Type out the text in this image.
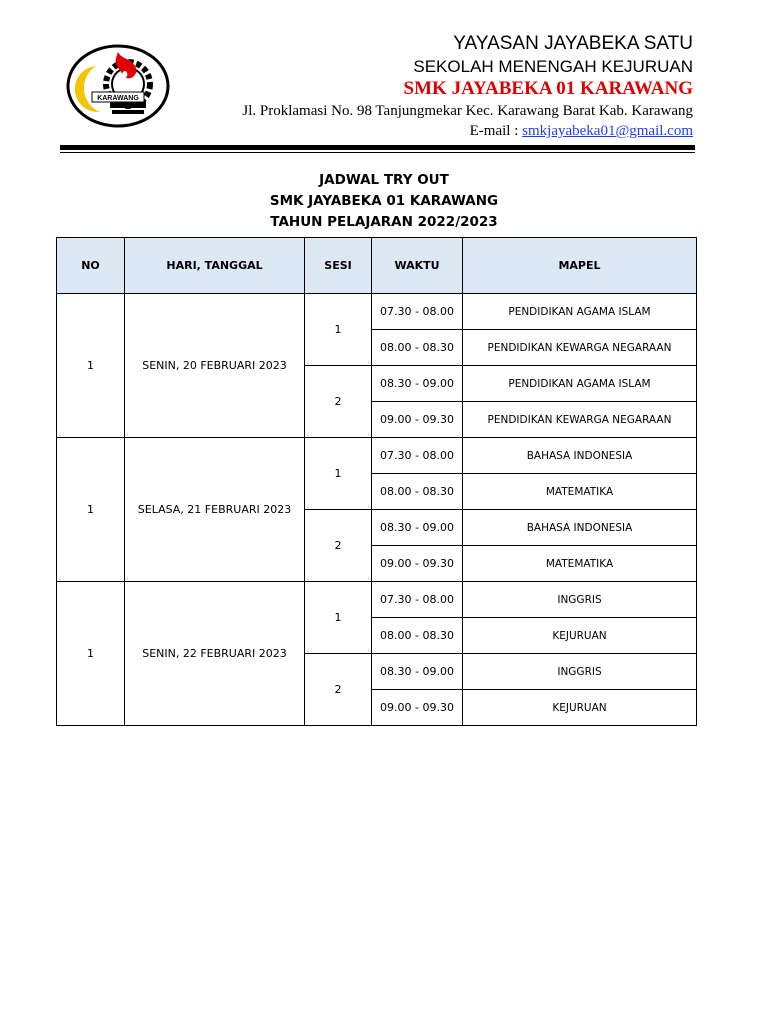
KARAWANG
YAYASAN JAYABEKA SATU
SEKOLAH MENENGAH KEJURUAN
SMK JAYABEKA 01 KARAWANG
Jl. Proklamasi No. 98 Tanjungmekar Kec. Karawang Barat Kab. Karawang
E-mail : smkjayabeka01@gmail.com
JADWAL TRY OUT
SMK JAYABEKA 01 KARAWANG
TAHUN PELAJARAN 2022/2023
NO	HARI, TANGGAL	SESI	WAKTU	MAPEL
1	SENIN, 20 FEBRUARI 2023	1	07.30 - 08.00	PENDIDIKAN AGAMA ISLAM
			08.00 - 08.30	PENDIDIKAN KEWARGA NEGARAAN
		2	08.30 - 09.00	PENDIDIKAN AGAMA ISLAM
			09.00 - 09.30	PENDIDIKAN KEWARGA NEGARAAN
1	SELASA, 21 FEBRUARI 2023	1	07.30 - 08.00	BAHASA INDONESIA
			08.00 - 08.30	MATEMATIKA
		2	08.30 - 09.00	BAHASA INDONESIA
			09.00 - 09.30	MATEMATIKA
1	SENIN, 22 FEBRUARI 2023	1	07.30 - 08.00	INGGRIS
			08.00 - 08.30	KEJURUAN
		2	08.30 - 09.00	INGGRIS
			09.00 - 09.30	KEJURUAN
